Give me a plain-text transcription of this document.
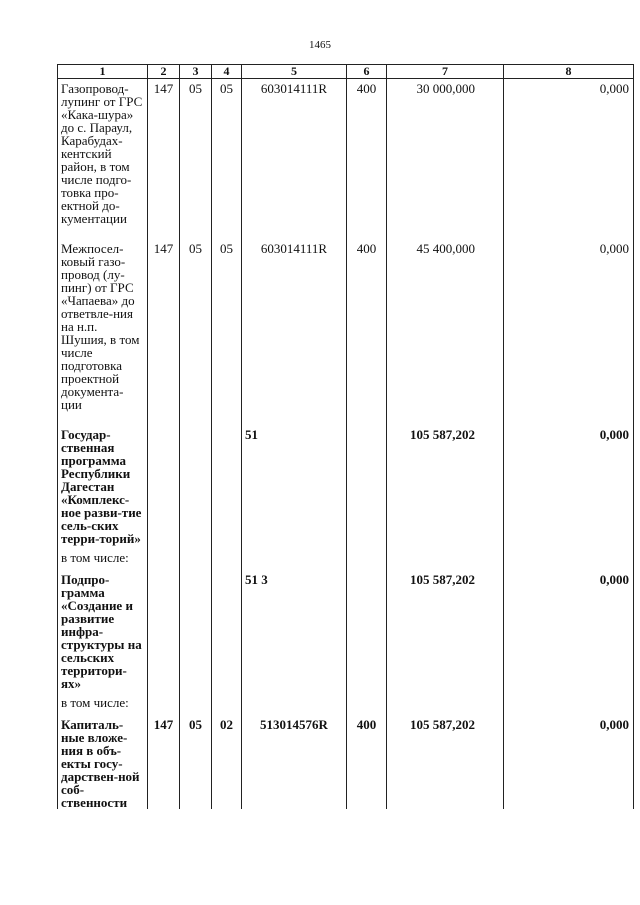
1465
1	2	3	4	5	6	7	8
Газопровод-лупинг от ГРС «Кака-шура» до с. Параул, Карабудах-кентский район, в том числе подго-товка про-ектной до-кументации	147	05	05	603014111R	400	30 000,000	0,000
Межпосел-ковый газо-провод (лу-пинг) от ГРС «Чапаева» до ответвле-ния на н.п. Шушия, в том числе подготовка проектной документа-ции	147	05	05	603014111R	400	45 400,000	0,000
Государ-ственная программа Республики Дагестан «Комплекс-ное разви-тие сель-ских терри-торий»				51		105 587,202	0,000
в том числе:							
Подпро-грамма «Создание и развитие инфра-структуры на сельских территори-ях»				51 3		105 587,202	0,000
в том числе:							
Капиталь-ные вложе-ния в объ-екты госу-дарствен-ной соб-ственности	147	05	02	513014576R	400	105 587,202	0,000
